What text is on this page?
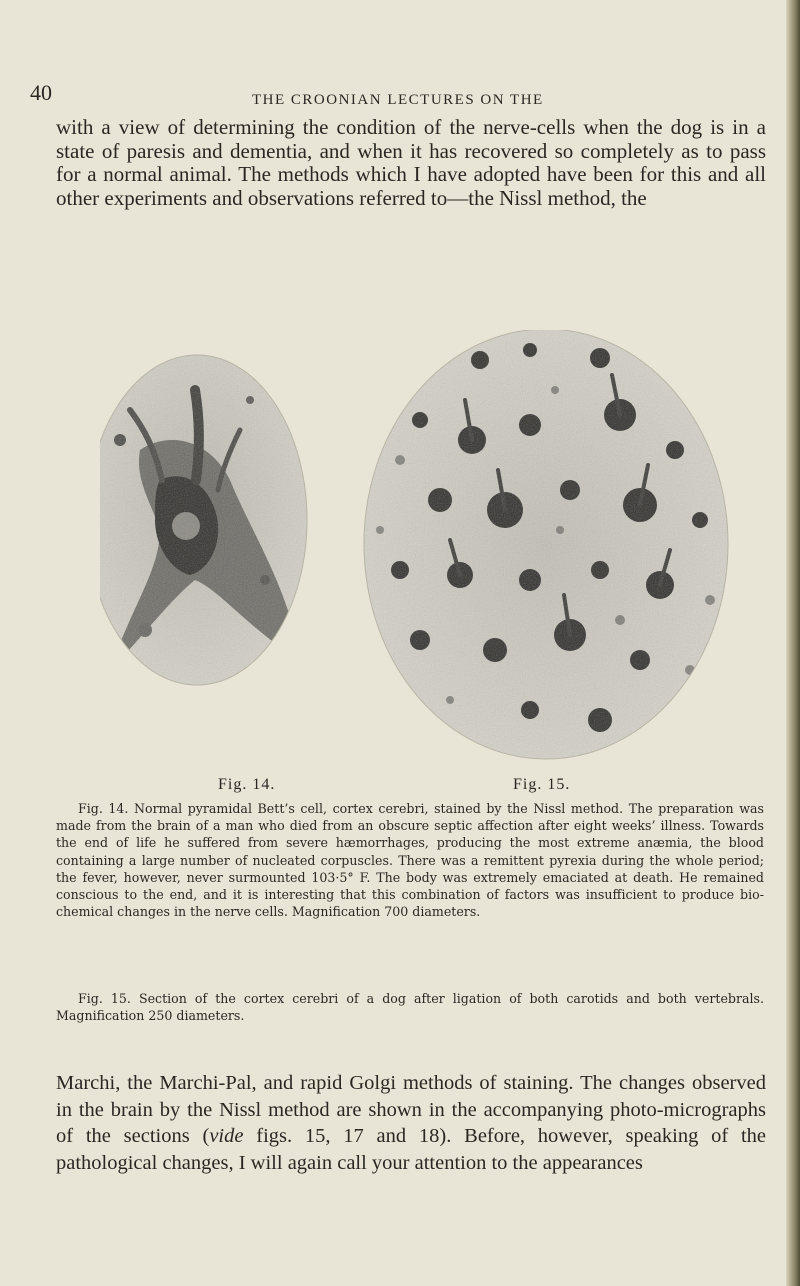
40	THE CROONIAN LECTURES ON THE

with a view of determining the condition of the nerve-cells when the dog is in a state of paresis and dementia, and when it has recovered so completely as to pass for a normal animal. The methods which I have adopted have been for this and all other experiments and observations referred to—the Nissl method, the

Fig. 14.	Fig. 15.

Fig. 14. Normal pyramidal Bett’s cell, cortex cerebri, stained by the Nissl method. The preparation was made from the brain of a man who died from an obscure septic affection after eight weeks’ illness. Towards the end of life he suffered from severe hæmorrhages, producing the most extreme anæmia, the blood containing a large number of nucleated corpuscles. There was a remittent pyrexia during the whole period; the fever, however, never surmounted 103·5° F. The body was extremely emaciated at death. He remained conscious to the end, and it is interesting that this combination of factors was insufficient to produce bio-chemical changes in the nerve cells. Magnification 700 diameters.

Fig. 15. Section of the cortex cerebri of a dog after ligation of both carotids and both vertebrals. Magnification 250 diameters.

Marchi, the Marchi-Pal, and rapid Golgi methods of staining. The changes observed in the brain by the Nissl method are shown in the accompanying photo-micrographs of the sections (vide figs. 15, 17 and 18). Before, however, speaking of the pathological changes, I will again call your attention to the appearances
